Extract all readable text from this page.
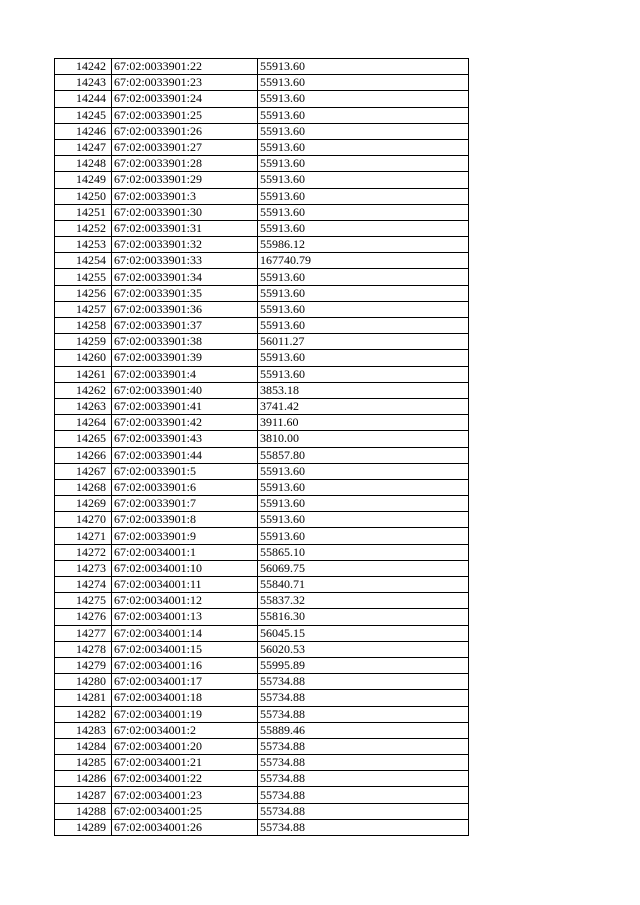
14242	67:02:0033901:22	55913.60
14243	67:02:0033901:23	55913.60
14244	67:02:0033901:24	55913.60
14245	67:02:0033901:25	55913.60
14246	67:02:0033901:26	55913.60
14247	67:02:0033901:27	55913.60
14248	67:02:0033901:28	55913.60
14249	67:02:0033901:29	55913.60
14250	67:02:0033901:3	55913.60
14251	67:02:0033901:30	55913.60
14252	67:02:0033901:31	55913.60
14253	67:02:0033901:32	55986.12
14254	67:02:0033901:33	167740.79
14255	67:02:0033901:34	55913.60
14256	67:02:0033901:35	55913.60
14257	67:02:0033901:36	55913.60
14258	67:02:0033901:37	55913.60
14259	67:02:0033901:38	56011.27
14260	67:02:0033901:39	55913.60
14261	67:02:0033901:4	55913.60
14262	67:02:0033901:40	3853.18
14263	67:02:0033901:41	3741.42
14264	67:02:0033901:42	3911.60
14265	67:02:0033901:43	3810.00
14266	67:02:0033901:44	55857.80
14267	67:02:0033901:5	55913.60
14268	67:02:0033901:6	55913.60
14269	67:02:0033901:7	55913.60
14270	67:02:0033901:8	55913.60
14271	67:02:0033901:9	55913.60
14272	67:02:0034001:1	55865.10
14273	67:02:0034001:10	56069.75
14274	67:02:0034001:11	55840.71
14275	67:02:0034001:12	55837.32
14276	67:02:0034001:13	55816.30
14277	67:02:0034001:14	56045.15
14278	67:02:0034001:15	56020.53
14279	67:02:0034001:16	55995.89
14280	67:02:0034001:17	55734.88
14281	67:02:0034001:18	55734.88
14282	67:02:0034001:19	55734.88
14283	67:02:0034001:2	55889.46
14284	67:02:0034001:20	55734.88
14285	67:02:0034001:21	55734.88
14286	67:02:0034001:22	55734.88
14287	67:02:0034001:23	55734.88
14288	67:02:0034001:25	55734.88
14289	67:02:0034001:26	55734.88
